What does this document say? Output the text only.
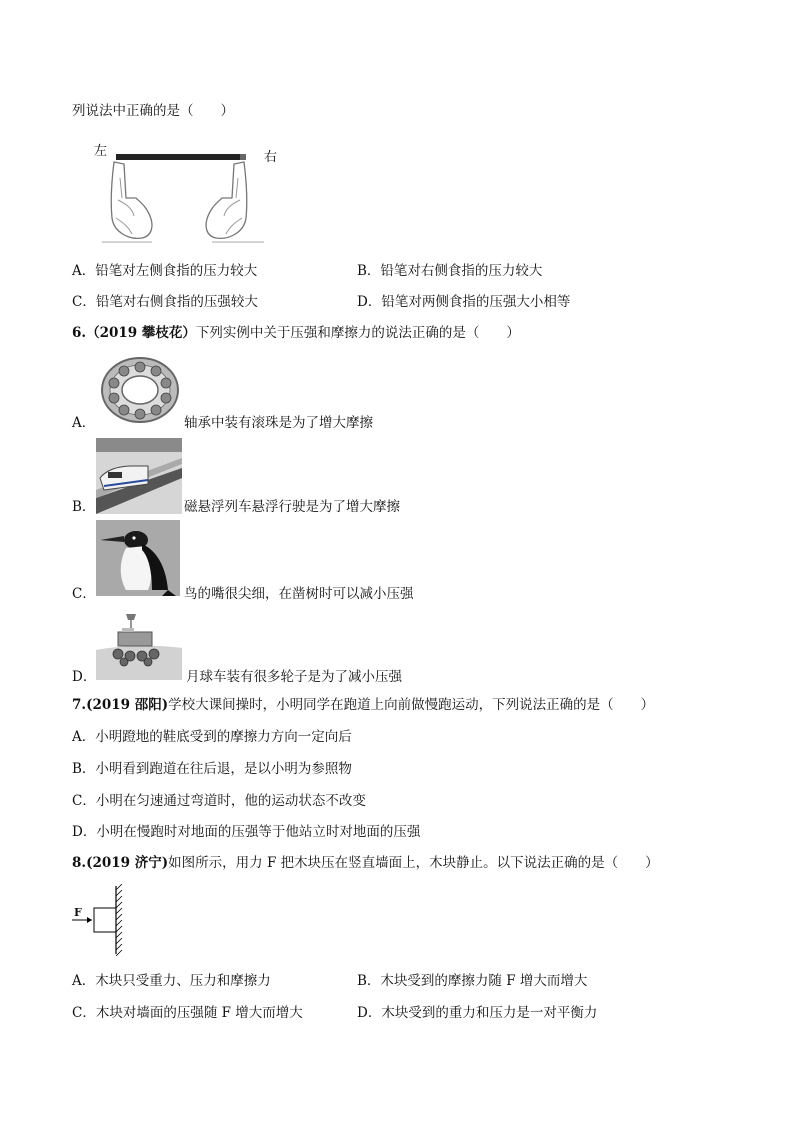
列说法中正确的是（　　）
左	右
A．铅笔对左侧食指的压力较大	B．铅笔对右侧食指的压力较大
C．铅笔对右侧食指的压强较大	D．铅笔对两侧食指的压强大小相等
6.（2019 攀枝花）下列实例中关于压强和摩擦力的说法正确的是（　　）
A．	轴承中装有滚珠是为了增大摩擦
B．	磁悬浮列车悬浮行驶是为了增大摩擦
C．	鸟的嘴很尖细，在凿树时可以减小压强
D．	月球车装有很多轮子是为了减小压强
7.(2019 邵阳)学校大课间操时，小明同学在跑道上向前做慢跑运动，下列说法正确的是（　　）
A．小明蹬地的鞋底受到的摩擦力方向一定向后
B．小明看到跑道在往后退，是以小明为参照物
C．小明在匀速通过弯道时，他的运动状态不改变
D．小明在慢跑时对地面的压强等于他站立时对地面的压强
8.(2019 济宁)如图所示，用力 F 把木块压在竖直墙面上，木块静止。以下说法正确的是（　　）
F
A．木块只受重力、压力和摩擦力	B．木块受到的摩擦力随 F 增大而增大
C．木块对墙面的压强随 F 增大而增大	D．木块受到的重力和压力是一对平衡力
